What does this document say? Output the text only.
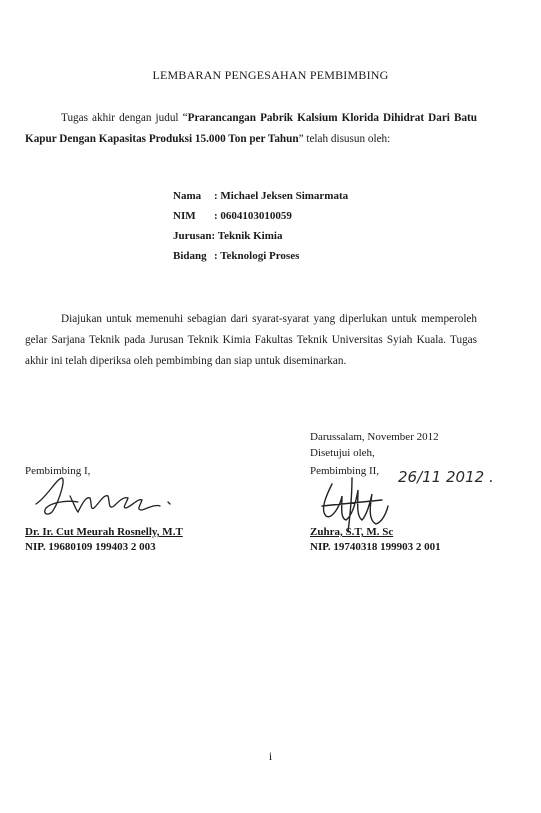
LEMBARAN PENGESAHAN PEMBIMBING
Tugas akhir dengan judul “Prarancangan Pabrik Kalsium Klorida Dihidrat Dari Batu Kapur Dengan Kapasitas Produksi 15.000 Ton per Tahun” telah disusun oleh:
Nama : Michael Jeksen Simarmata
NIM : 0604103010059
Jurusan: Teknik Kimia
Bidang : Teknologi Proses
Diajukan untuk memenuhi sebagian dari syarat-syarat yang diperlukan untuk memperoleh gelar Sarjana Teknik pada Jurusan Teknik Kimia Fakultas Teknik Universitas Syiah Kuala. Tugas akhir ini telah diperiksa oleh pembimbing dan siap untuk diseminarkan.
Darussalam, November 2012
Disetujui oleh,
Pembimbing I,	Pembimbing II, 26/11 2012 .
Dr. Ir. Cut Meurah Rosnelly, M.T
NIP. 19680109 199403 2 003
Zuhra, S.T, M. Sc
NIP. 19740318 199903 2 001
i
